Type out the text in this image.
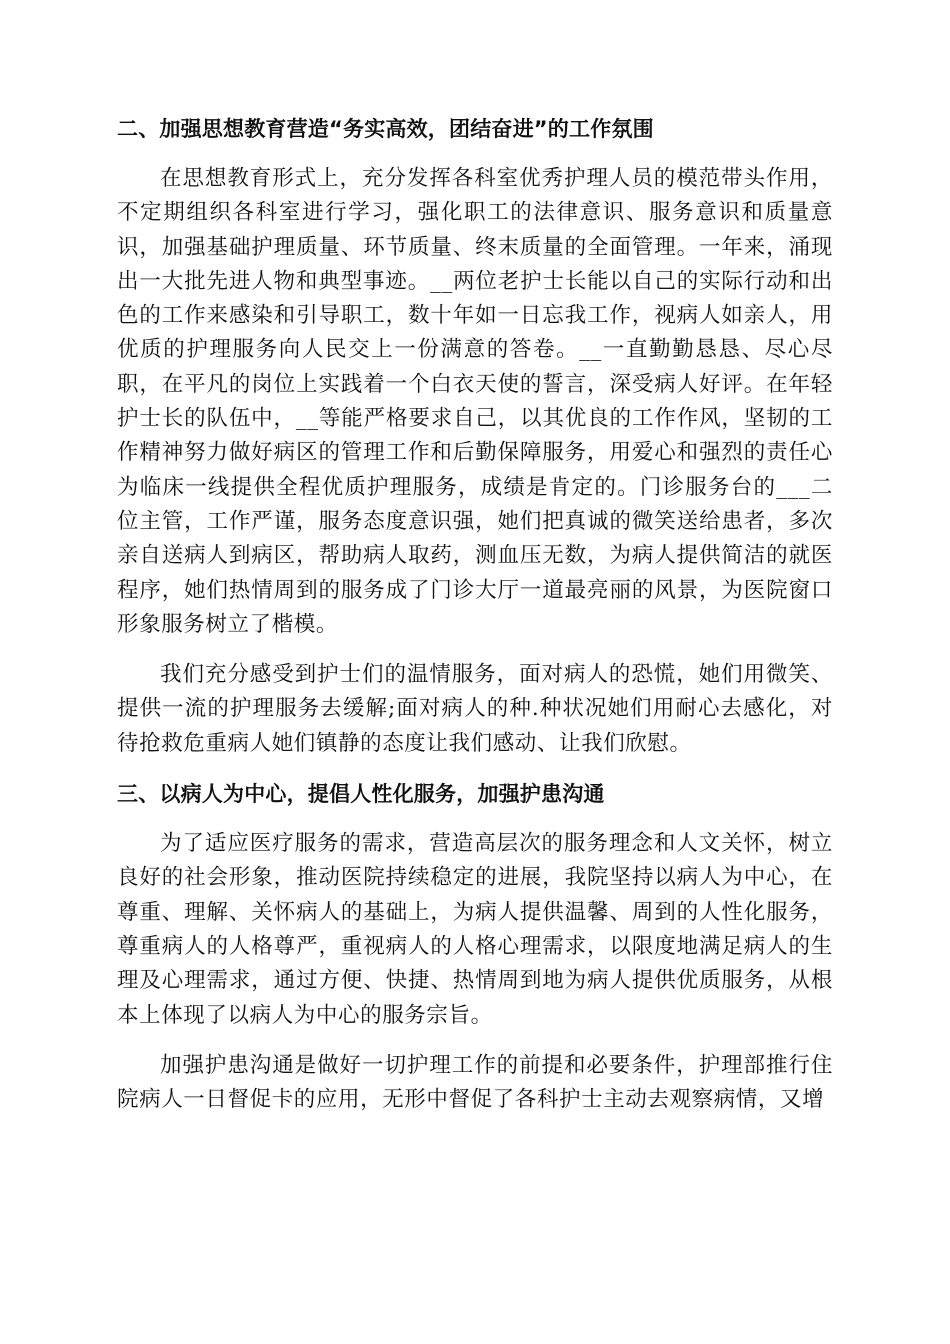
二、加强思想教育营造“务实高效，团结奋进”的工作氛围

在思想教育形式上，充分发挥各科室优秀护理人员的模范带头作用，不定期组织各科室进行学习，强化职工的法律意识、服务意识和质量意识，加强基础护理质量、环节质量、终末质量的全面管理。一年来，涌现出一大批先进人物和典型事迹。__两位老护士长能以自己的实际行动和出色的工作来感染和引导职工，数十年如一日忘我工作，视病人如亲人，用优质的护理服务向人民交上一份满意的答卷。__一直勤勤恳恳、尽心尽职，在平凡的岗位上实践着一个白衣天使的誓言，深受病人好评。在年轻护士长的队伍中，__等能严格要求自己，以其优良的工作作风，坚韧的工作精神努力做好病区的管理工作和后勤保障服务，用爱心和强烈的责任心为临床一线提供全程优质护理服务，成绩是肯定的。门诊服务台的___二位主管，工作严谨，服务态度意识强，她们把真诚的微笑送给患者，多次亲自送病人到病区，帮助病人取药，测血压无数，为病人提供简洁的就医程序，她们热情周到的服务成了门诊大厅一道最亮丽的风景，为医院窗口形象服务树立了楷模。

我们充分感受到护士们的温情服务，面对病人的恐慌，她们用微笑、提供一流的护理服务去缓解;面对病人的种.种状况她们用耐心去感化，对待抢救危重病人她们镇静的态度让我们感动、让我们欣慰。

三、以病人为中心，提倡人性化服务，加强护患沟通

为了适应医疗服务的需求，营造高层次的服务理念和人文关怀，树立良好的社会形象，推动医院持续稳定的进展，我院坚持以病人为中心，在尊重、理解、关怀病人的基础上，为病人提供温馨、周到的人性化服务，尊重病人的人格尊严，重视病人的人格心理需求，以限度地满足病人的生理及心理需求，通过方便、快捷、热情周到地为病人提供优质服务，从根本上体现了以病人为中心的服务宗旨。

加强护患沟通是做好一切护理工作的前提和必要条件，护理部推行住院病人一日督促卡的应用，无形中督促了各科护士主动去观察病情，又增
